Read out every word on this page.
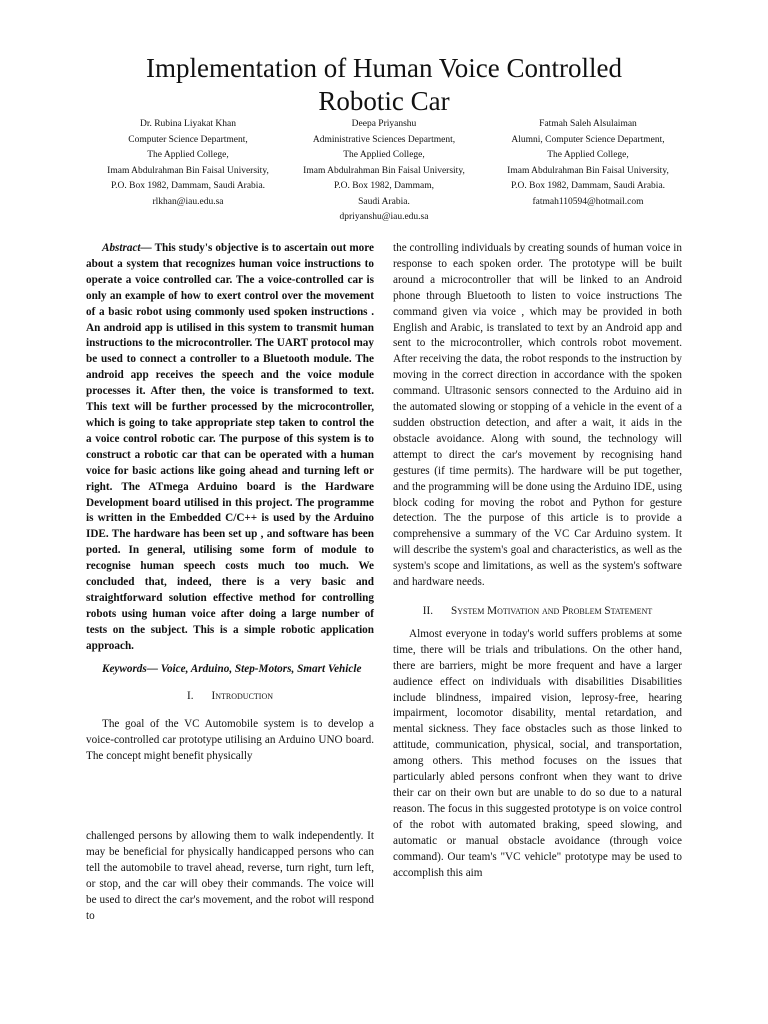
Implementation of Human Voice Controlled Robotic Car
Dr. Rubina Liyakat Khan
Computer Science Department,
The Applied College,
Imam Abdulrahman Bin Faisal University,
P.O. Box 1982, Dammam, Saudi Arabia.
rlkhan@iau.edu.sa
Deepa Priyanshu
Administrative Sciences Department,
The Applied College,
Imam Abdulrahman Bin Faisal University,
P.O. Box 1982, Dammam,
Saudi Arabia.
dpriyanshu@iau.edu.sa
Fatmah Saleh Alsulaiman
Alumni, Computer Science Department,
The Applied College,
Imam Abdulrahman Bin Faisal University,
P.O. Box 1982, Dammam, Saudi Arabia.
fatmah110594@hotmail.com

Abstract— This study's objective is to ascertain out more about a system that recognizes human voice instructions to operate a voice controlled car. The a voice-controlled car is only an example of how to exert control over the movement of a basic robot using commonly used spoken instructions . An android app is utilised in this system to transmit human instructions to the microcontroller. The UART protocol may be used to connect a controller to a Bluetooth module. The android app receives the speech and the voice module processes it. After then, the voice is transformed to text. This text will be further processed by the microcontroller, which is going to take appropriate step taken to control the a voice control robotic car. The purpose of this system is to construct a robotic car that can be operated with a human voice for basic actions like going ahead and turning left or right. The ATmega Arduino board is the Hardware Development board utilised in this project. The programme is written in the Embedded C/C++ is used by the Arduino IDE. The hardware has been set up , and software has been ported. In general, utilising some form of module to recognise human speech costs much too much. We concluded that, indeed, there is a very basic and straightforward solution effective method for controlling robots using human voice after doing a large number of tests on the subject. This is a simple robotic application approach.

Keywords— Voice, Arduino, Step-Motors, Smart Vehicle

I. Introduction

The goal of the VC Automobile system is to develop a voice-controlled car prototype utilising an Arduino UNO board. The concept might benefit physically

challenged persons by allowing them to walk independently. It may be beneficial for physically handicapped persons who can tell the automobile to travel ahead, reverse, turn right, turn left, or stop, and the car will obey their commands. The voice will be used to direct the car's movement, and the robot will respond to

the controlling individuals by creating sounds of human voice in response to each spoken order. The prototype will be built around a microcontroller that will be linked to an Android phone through Bluetooth to listen to voice instructions The command given via voice , which may be provided in both English and Arabic, is translated to text by an Android app and sent to the microcontroller, which controls robot movement. After receiving the data, the robot responds to the instruction by moving in the correct direction in accordance with the spoken command. Ultrasonic sensors connected to the Arduino aid in the automated slowing or stopping of a vehicle in the event of a sudden obstruction detection, and after a wait, it aids in the obstacle avoidance. Along with sound, the technology will attempt to direct the car's movement by recognising hand gestures (if time permits). The hardware will be put together, and the programming will be done using the Arduino IDE, using block coding for moving the robot and Python for gesture detection. The the purpose of this article is to provide a comprehensive a summary of the VC Car Arduino system. It will describe the system's goal and characteristics, as well as the system's scope and limitations, as well as the system's software and hardware needs.

II. System Motivation and Problem Statement

Almost everyone in today's world suffers problems at some time, there will be trials and tribulations. On the other hand, there are barriers, might be more frequent and have a larger audience effect on individuals with disabilities Disabilities include blindness, impaired vision, leprosy-free, hearing impairment, locomotor disability, mental retardation, and mental sickness. They face obstacles such as those linked to attitude, communication, physical, social, and transportation, among others. This method focuses on the issues that particularly abled persons confront when they want to drive their car on their own but are unable to do so due to a natural reason. The focus in this suggested prototype is on voice control of the robot with automated braking, speed slowing, and automatic or manual obstacle avoidance (through voice command). Our team's "VC vehicle" prototype may be used to accomplish this aim
